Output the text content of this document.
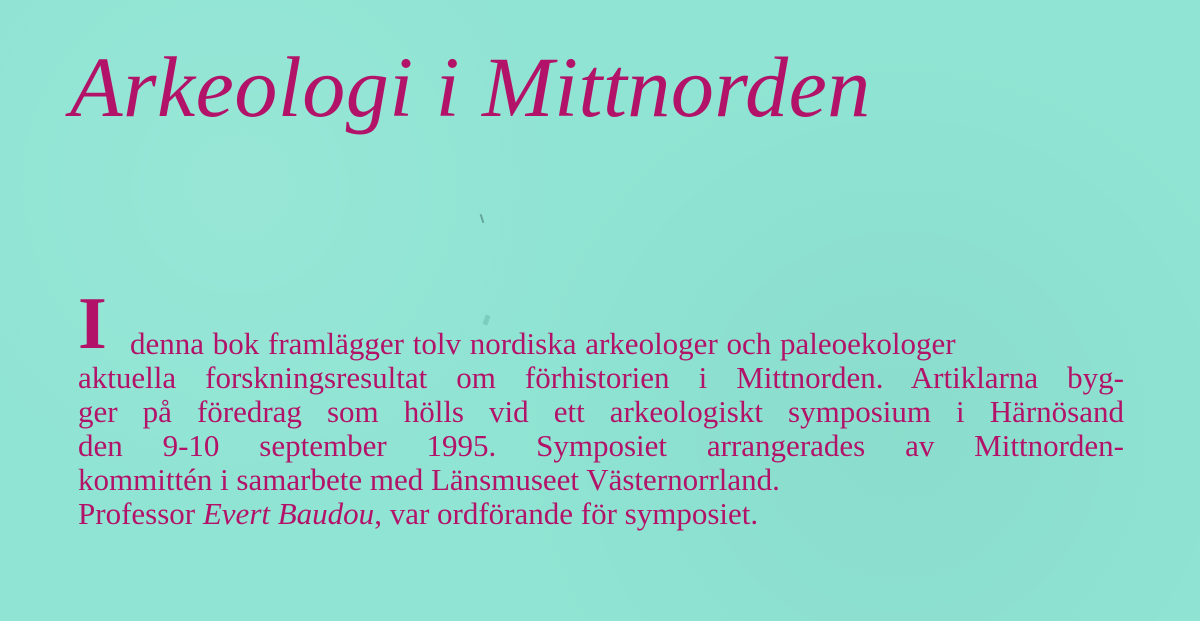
Arkeologi i Mittnorden
I denna bok framlägger tolv nordiska arkeologer och paleoekologer
aktuella forskningsresultat om förhistorien i Mittnorden. Artiklarna byg-
ger på föredrag som hölls vid ett arkeologiskt symposium i Härnösand
den 9-10 september 1995. Symposiet arrangerades av Mittnorden-
kommittén i samarbete med Länsmuseet Västernorrland.
Professor Evert Baudou, var ordförande för symposiet.
